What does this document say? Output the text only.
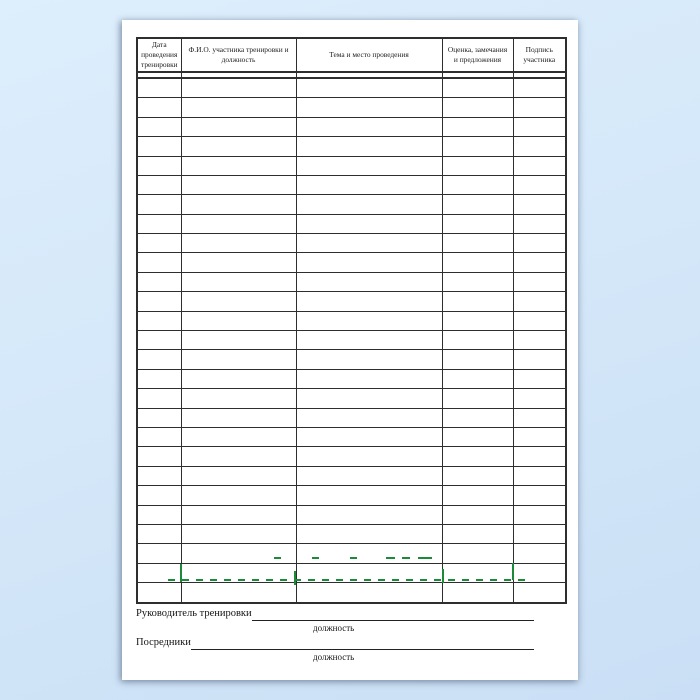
Дата проведения тренировки	Ф.И.О. участника тренировки и должность	Тема и место проведения	Оценка, замечания и предложения	Подпись участника

Руководитель тренировки
должность
Посредники
должность
